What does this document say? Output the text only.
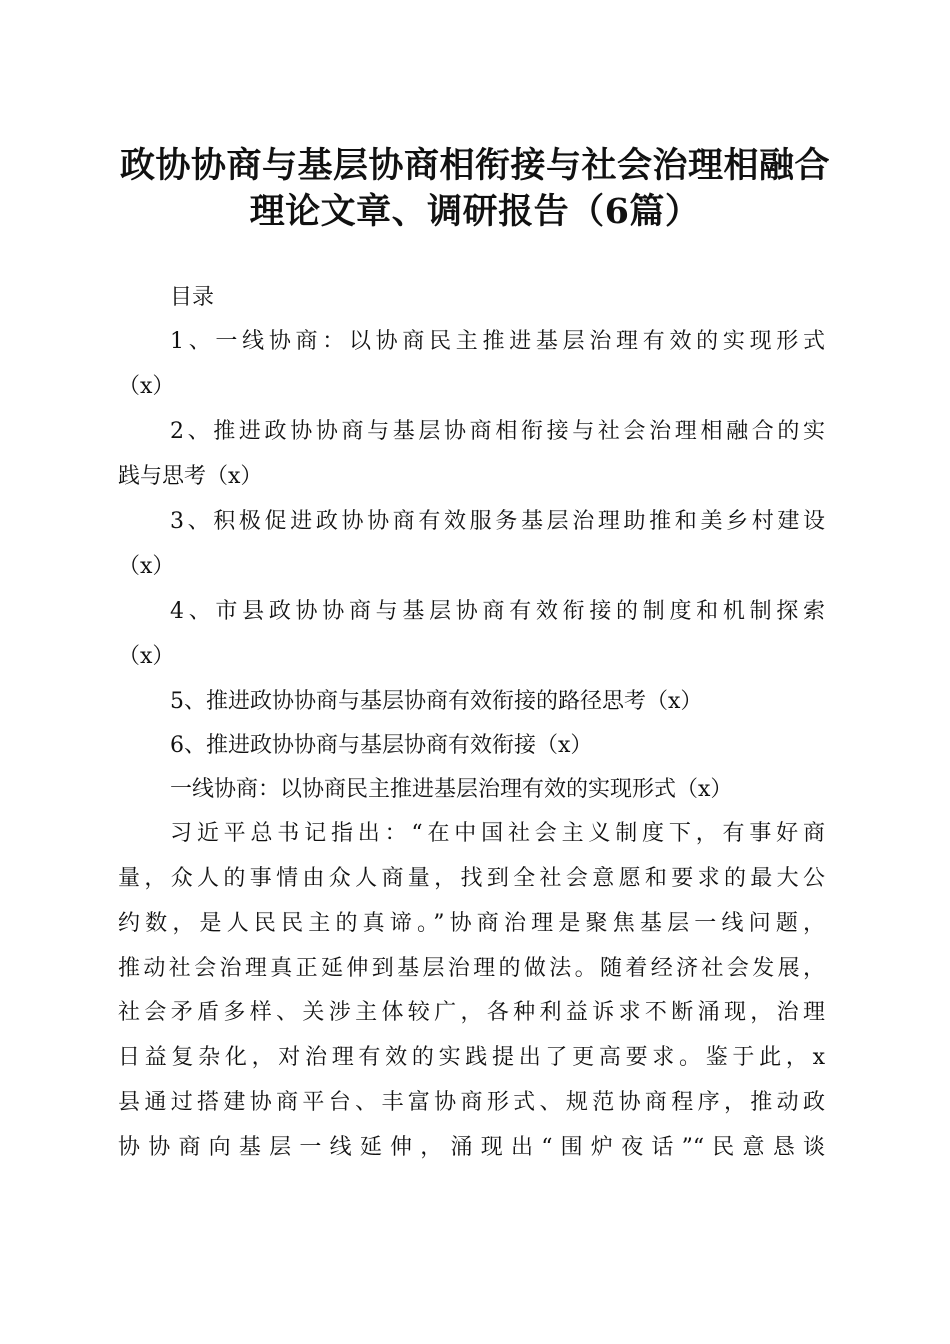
政协协商与基层协商相衔接与社会治理相融合
理论文章、调研报告（6篇）
目录
1、一线协商：以协商民主推进基层治理有效的实现形式
（x）
2、推进政协协商与基层协商相衔接与社会治理相融合的实
践与思考（x）
3、积极促进政协协商有效服务基层治理助推和美乡村建设
（x）
4、市县政协协商与基层协商有效衔接的制度和机制探索
（x）
5、推进政协协商与基层协商有效衔接的路径思考（x）
6、推进政协协商与基层协商有效衔接（x）
一线协商：以协商民主推进基层治理有效的实现形式（x）
习近平总书记指出：“在中国社会主义制度下，有事好商
量，众人的事情由众人商量，找到全社会意愿和要求的最大公
约数，是人民民主的真谛。”协商治理是聚焦基层一线问题，
推动社会治理真正延伸到基层治理的做法。随着经济社会发展，
社会矛盾多样、关涉主体较广，各种利益诉求不断涌现，治理
日益复杂化，对治理有效的实践提出了更高要求。鉴于此，x
县通过搭建协商平台、丰富协商形式、规范协商程序，推动政
协协商向基层一线延伸，涌现出“围炉夜话”“民意恳谈
